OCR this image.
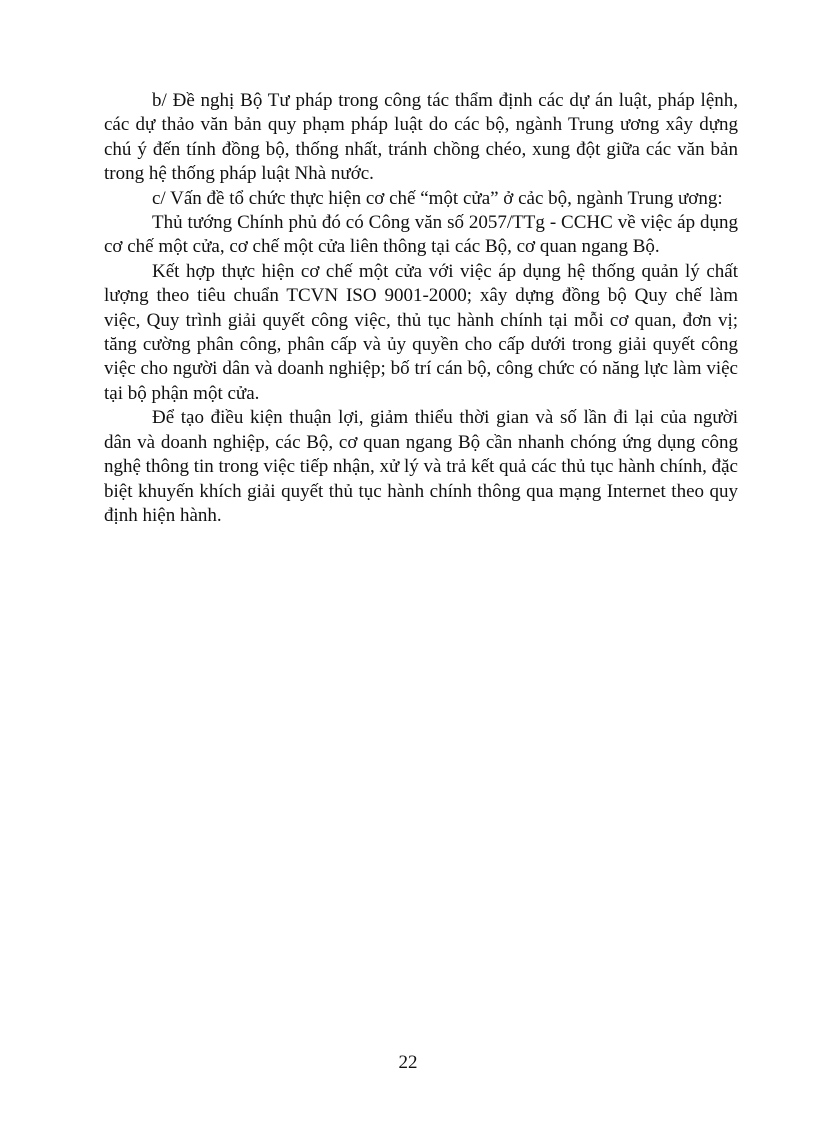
b/ Đề nghị Bộ Tư pháp trong công tác thẩm định các dự án luật, pháp lệnh, các dự thảo văn bản quy phạm pháp luật do các bộ, ngành Trung ương xây dựng chú ý đến tính đồng bộ, thống nhất, tránh chồng chéo, xung đột giữa các văn bản trong hệ thống pháp luật Nhà nước.

c/ Vấn đề tổ chức thực hiện cơ chế “một cửa” ở cảc bộ, ngành Trung ương:

Thủ tướng Chính phủ đó có Công văn số 2057/TTg - CCHC về việc áp dụng cơ chế một cửa, cơ chế một cửa liên thông tại các Bộ, cơ quan ngang Bộ.

Kết hợp thực hiện cơ chế một cửa với việc áp dụng hệ thống quản lý chất lượng theo tiêu chuẩn TCVN ISO 9001-2000; xây dựng đồng bộ Quy chế làm việc, Quy trình giải quyết công việc, thủ tục hành chính tại mỗi cơ quan, đơn vị; tăng cường phân công, phân cấp và ủy quyền cho cấp dưới trong giải quyết công việc cho người dân và doanh nghiệp; bố trí cán bộ, công chức có năng lực làm việc tại bộ phận một cửa.

Để tạo điều kiện thuận lợi, giảm thiểu thời gian và số lần đi lại của người dân và doanh nghiệp, các Bộ, cơ quan ngang Bộ cần nhanh chóng ứng dụng công nghệ thông tin trong việc tiếp nhận, xử lý và trả kết quả các thủ tục hành chính, đặc biệt khuyến khích giải quyết thủ tục hành chính thông qua mạng Internet theo quy định hiện hành.

22
